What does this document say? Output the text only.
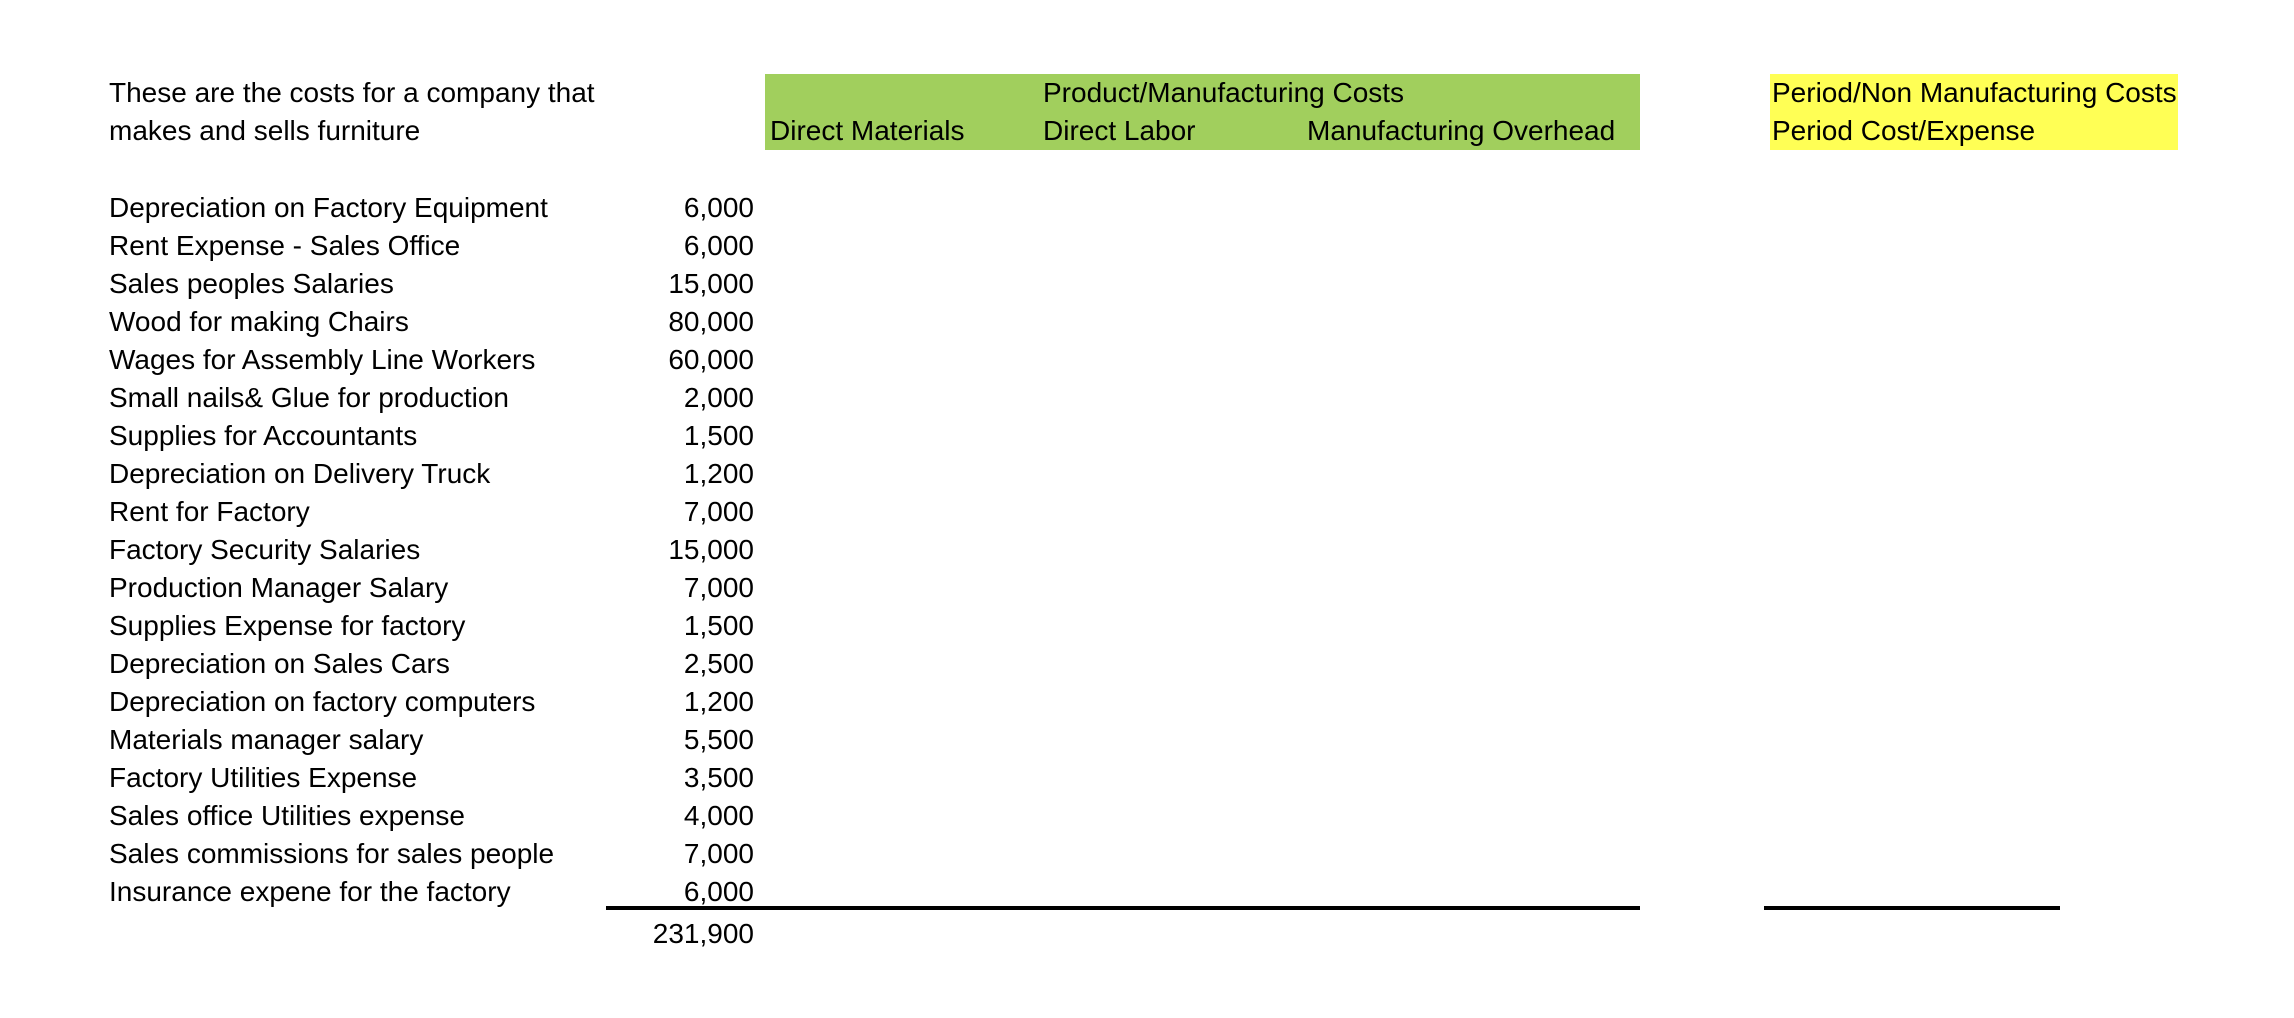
These are the costs for a company that
makes and sells furniture
Product/Manufacturing Costs
Direct Materials	Direct Labor	Manufacturing Overhead
Period/Non Manufacturing Costs
Period Cost/Expense
Depreciation on Factory Equipment	6,000
Rent Expense - Sales Office	6,000
Sales peoples Salaries	15,000
Wood for making Chairs	80,000
Wages for Assembly Line Workers	60,000
Small nails& Glue for production	2,000
Supplies for Accountants	1,500
Depreciation on Delivery Truck	1,200
Rent for Factory	7,000
Factory Security Salaries	15,000
Production Manager Salary	7,000
Supplies Expense for factory	1,500
Depreciation on Sales Cars	2,500
Depreciation on factory computers	1,200
Materials manager salary	5,500
Factory Utilities Expense	3,500
Sales office Utilities expense	4,000
Sales commissions for sales people	7,000
Insurance expene for the factory	6,000
231,900
